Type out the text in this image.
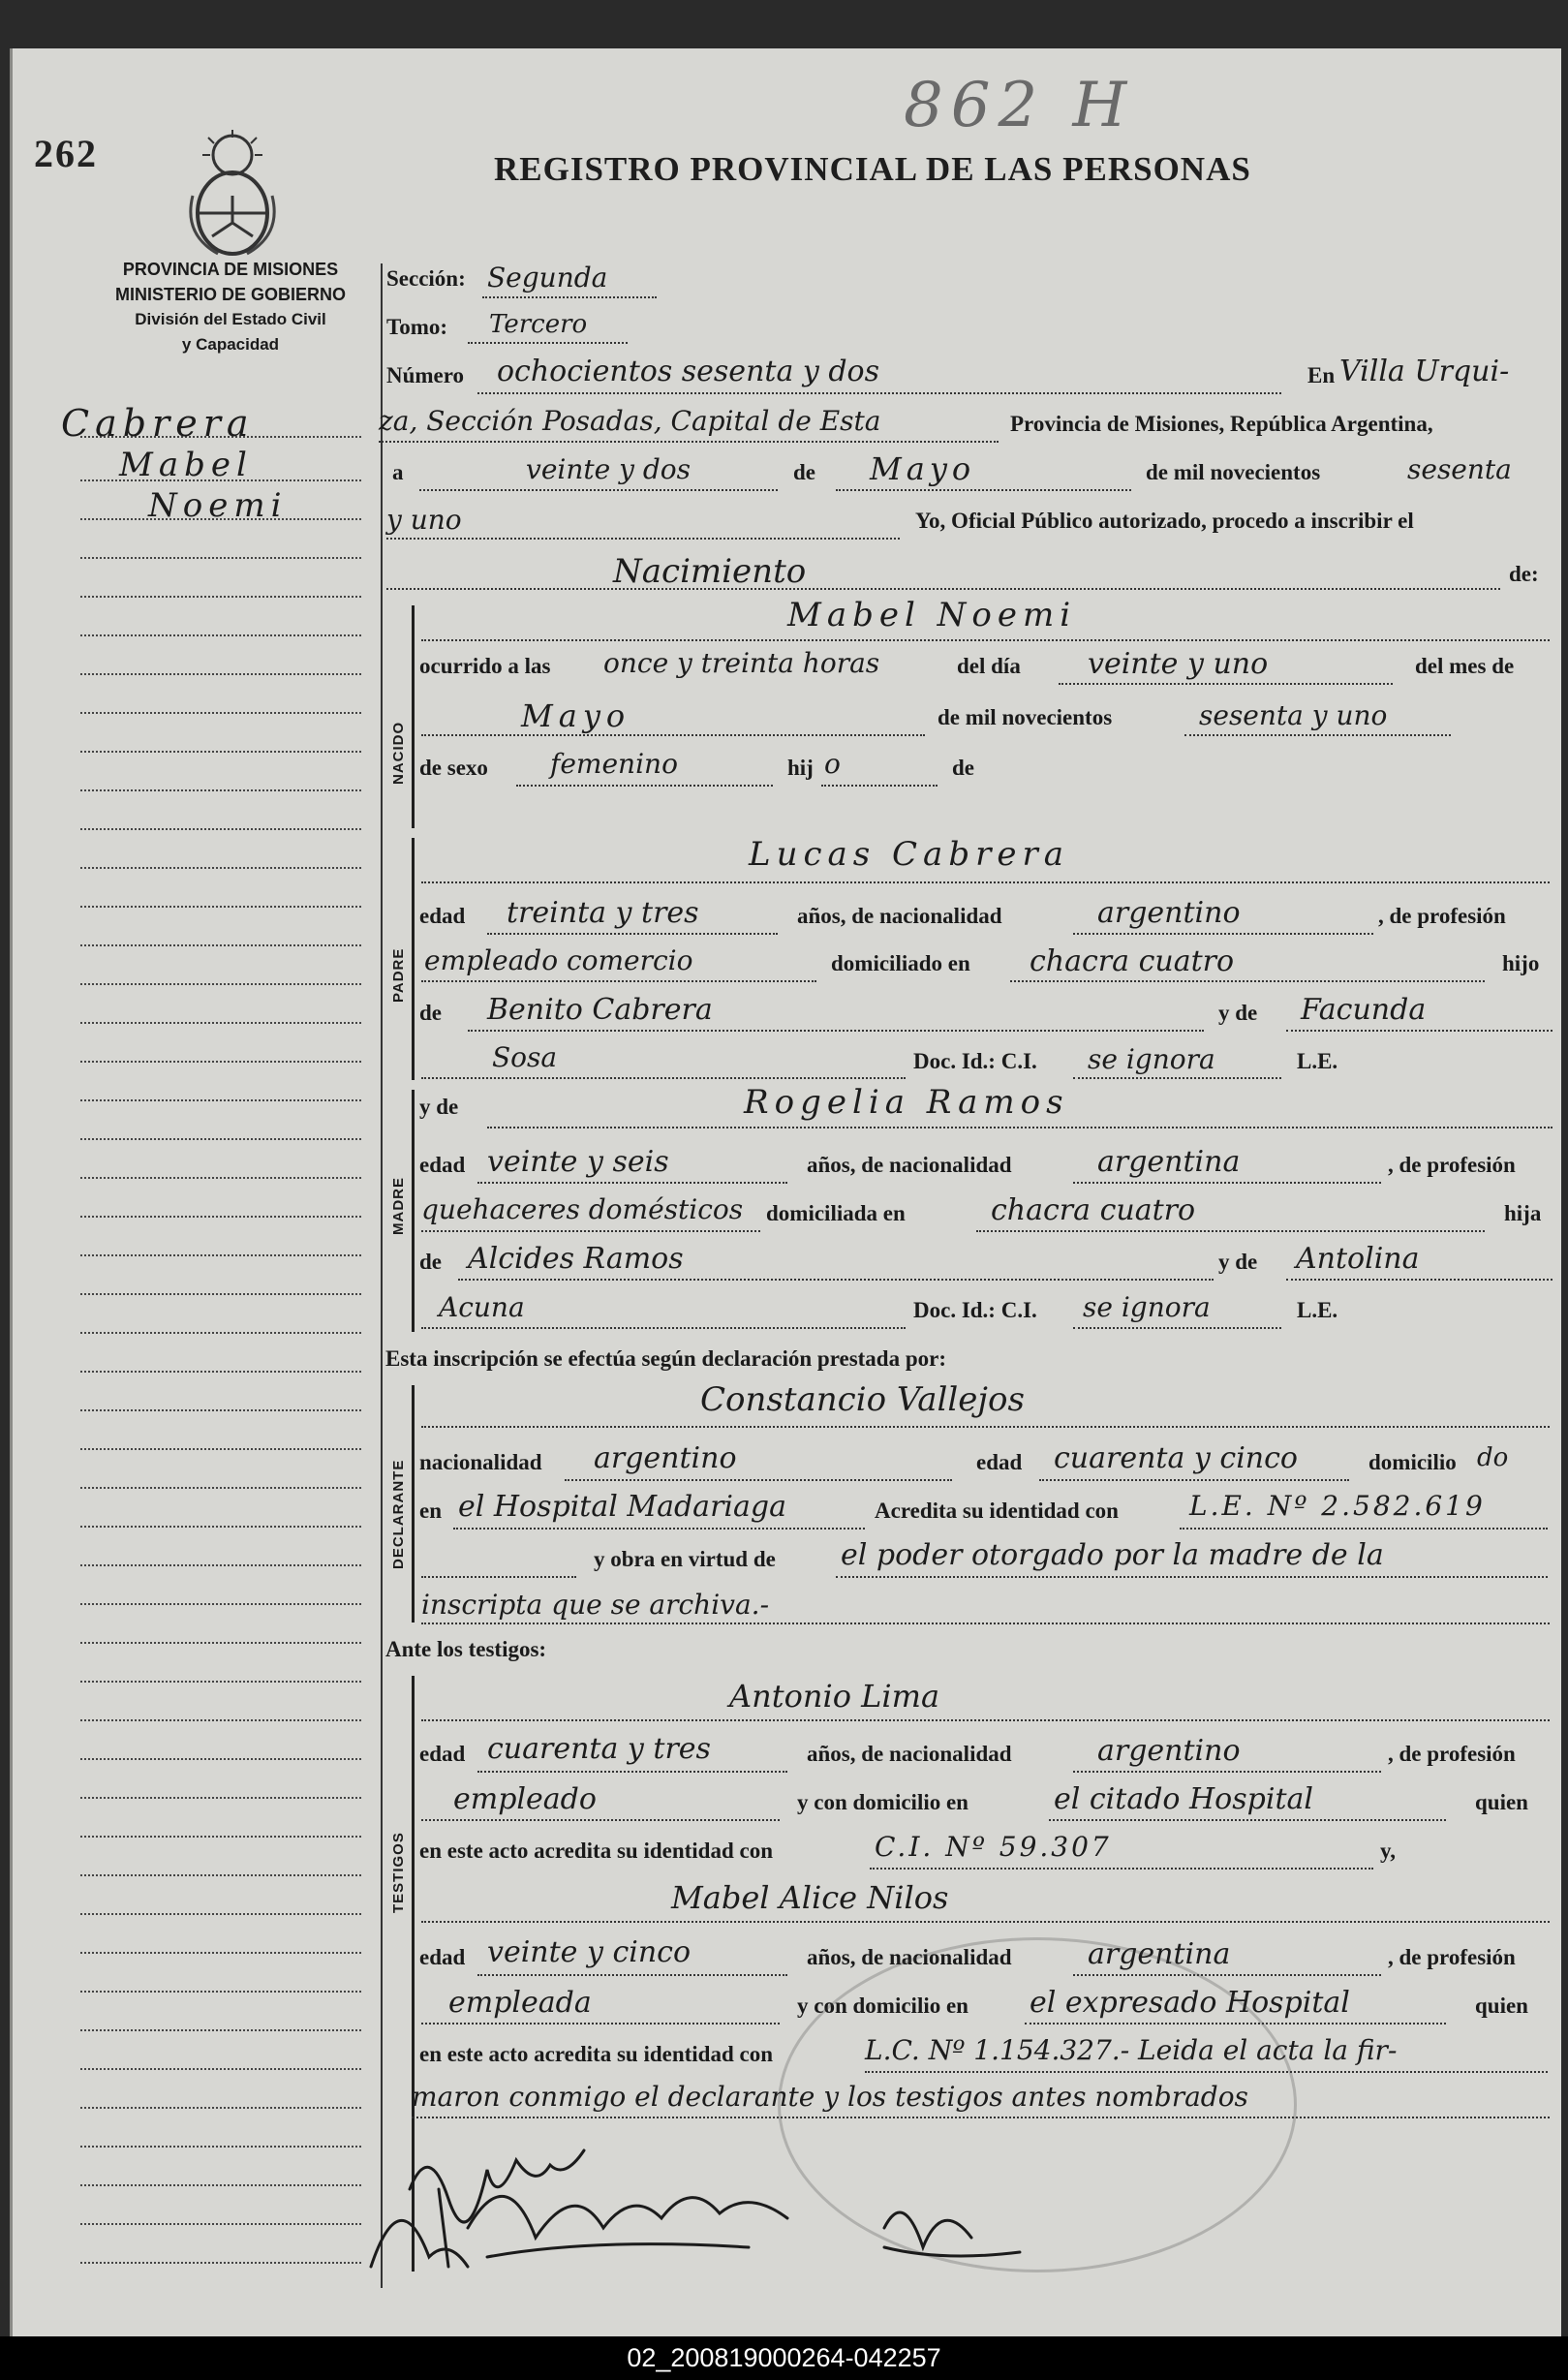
262
862 H
REGISTRO PROVINCIAL DE LAS PERSONAS
PROVINCIA DE MISIONES
MINISTERIO DE GOBIERNO
División del Estado Civil
y Capacidad
Cabrera
Mabel
Noemi
Sección: Segunda
Tomo: Tercero
Número ochocientos sesenta y dos	En Villa Urqui-
za, Sección Posadas, Capital de Esta	Provincia de Misiones, República Argentina,
a	veinte y dos	de Mayo	de mil novecientos	sesenta
y uno	Yo, Oficial Público autorizado, procedo a inscribir el
Nacimiento	de:
NACIDO
Mabel Noemi
ocurrido a las once y treinta horas	del día veinte y uno	del mes de
Mayo	de mil novecientos	sesenta y uno
de sexo femenino	hij o	de
PADRE
Lucas Cabrera
edad treinta y tres	años, de nacionalidad	argentino	, de profesión
empleado comercio	domiciliado en chacra cuatro	hijo
de Benito Cabrera	y de Facunda
Sosa	Doc. Id.: C.I. se ignora	L.E.
y de
MADRE
Rogelia Ramos
edad veinte y seis	años, de nacionalidad	argentina	, de profesión
quehaceres domésticos domiciliada en	chacra cuatro	hija
de Alcides Ramos	y de Antolina
Acuna	Doc. Id.: C.I. se ignora	L.E.
Esta inscripción se efectúa según declaración prestada por:
DECLARANTE
Constancio Vallejos
nacionalidad argentino	edad cuarenta y cinco	domicilio do
en el Hospital Madariaga	Acredita su identidad con	L.E. Nº 2.582.619
y obra en virtud de el poder otorgado por la madre de la
inscripta que se archiva.-
Ante los testigos:
TESTIGOS
Antonio Lima
edad cuarenta y tres	años, de nacionalidad	argentino	, de profesión
empleado	y con domicilio en	el citado Hospital	quien
en este acto acredita su identidad con	C.I. Nº 59.307	y,
Mabel Alice Nilos
edad veinte y cinco	años, de nacionalidad	argentina	, de profesión
empleada	y con domicilio en el expresado Hospital	quien
en este acto acredita su identidad con	L.C. Nº 1.154.327.- Leida el acta la fir-
maron conmigo el declarante y los testigos antes nombrados
02_200819000264-042257
